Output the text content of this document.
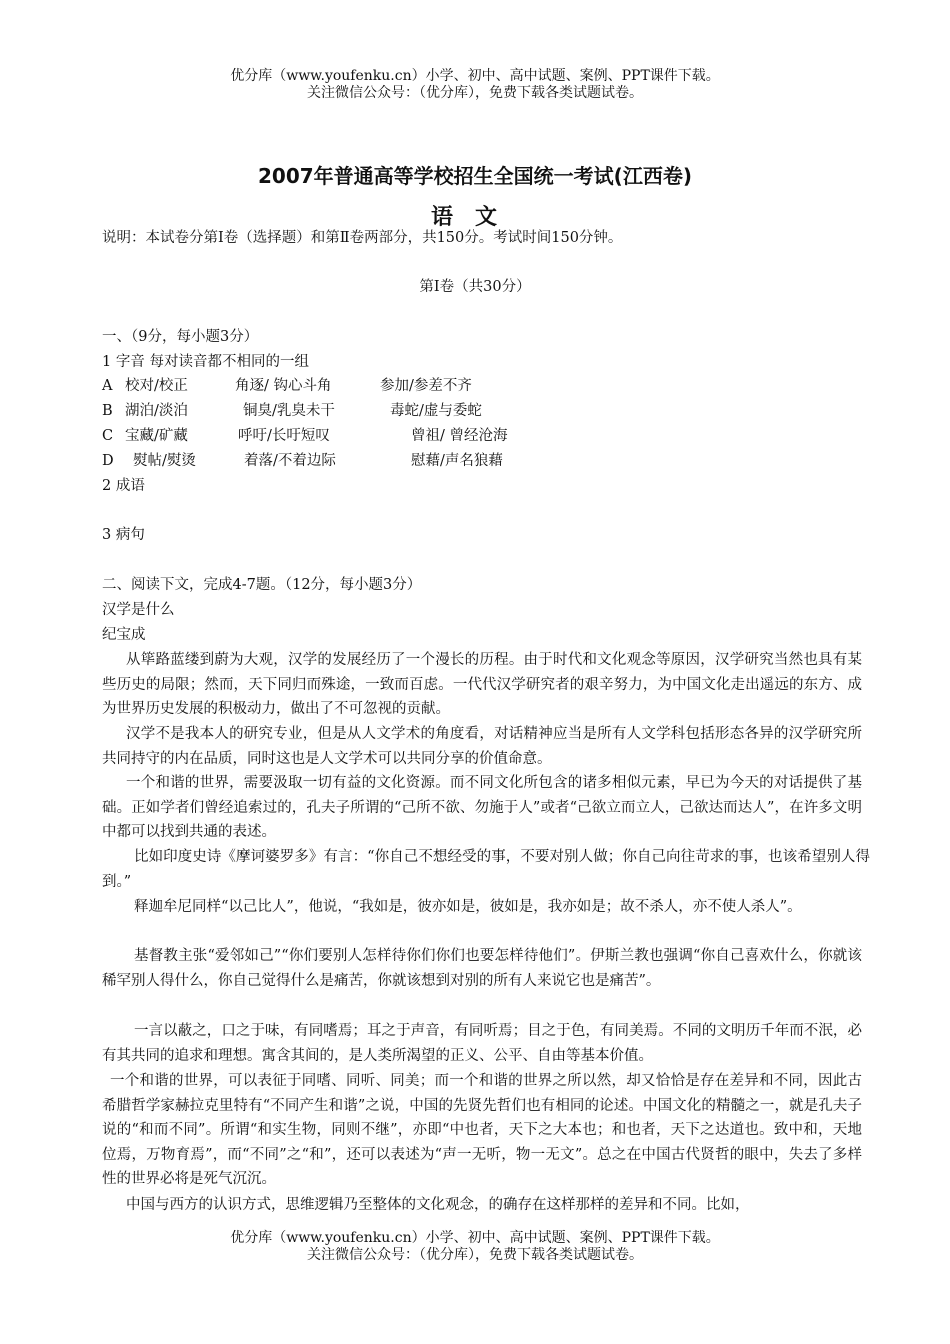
优分库（www.youfenku.cn）小学、初中、高中试题、案例、PPT课件下载。
关注微信公众号：（优分库），免费下载各类试题试卷。
2007年普通高等学校招生全国统一考试(江西卷)
语文
说明：本试卷分第Ⅰ卷（选择题）和第Ⅱ卷两部分，共150分。考试时间150分钟。
第Ⅰ卷（共30分）
一、（9分，每小题3分）
1 字音 每对读音都不相同的一组
A 校对/校正	角逐/ 钩心斗角	参加/参差不齐
B 湖泊/淡泊	铜臭/乳臭未干	毒蛇/虚与委蛇
C 宝藏/矿藏	呼吁/长吁短叹	曾祖/ 曾经沧海
D 熨帖/熨烫	着落/不着边际	慰藉/声名狼藉
2 成语
3 病句
二、阅读下文，完成4-7题。（12分，每小题3分）
汉学是什么
纪宝成
从筚路蓝缕到蔚为大观，汉学的发展经历了一个漫长的历程。由于时代和文化观念等原因，汉学研究当然也具有某些历史的局限；然而，天下同归而殊途，一致而百虑。一代代汉学研究者的艰辛努力，为中国文化走出遥远的东方、成为世界历史发展的积极动力，做出了不可忽视的贡献。
汉学不是我本人的研究专业，但是从人文学术的角度看，对话精神应当是所有人文学科包括形态各异的汉学研究所共同持守的内在品质，同时这也是人文学术可以共同分享的价值命意。
一个和谐的世界，需要汲取一切有益的文化资源。而不同文化所包含的诸多相似元素，早已为今天的对话提供了基础。正如学者们曾经追索过的，孔夫子所谓的“己所不欲、勿施于人”或者“己欲立而立人，己欲达而达人”，在许多文明中都可以找到共通的表述。
比如印度史诗《摩诃婆罗多》有言：“你自己不想经受的事，不要对别人做；你自己向往苛求的事，也该希望别人得到。”
释迦牟尼同样“以己比人”，他说，“我如是，彼亦如是，彼如是，我亦如是；故不杀人，亦不使人杀人”。
基督教主张“爱邻如己”“你们要别人怎样待你们你们也要怎样待他们”。伊斯兰教也强调“你自己喜欢什么，你就该稀罕别人得什么，你自己觉得什么是痛苦，你就该想到对别的所有人来说它也是痛苦”。
一言以蔽之，口之于味，有同嗜焉；耳之于声音，有同听焉；目之于色，有同美焉。不同的文明历千年而不泯，必有其共同的追求和理想。寓含其间的，是人类所渴望的正义、公平、自由等基本价值。
一个和谐的世界，可以表征于同嗜、同听、同美；而一个和谐的世界之所以然，却又恰恰是存在差异和不同，因此古希腊哲学家赫拉克里特有“不同产生和谐”之说，中国的先贤先哲们也有相同的论述。中国文化的精髓之一，就是孔夫子说的“和而不同”。所谓“和实生物，同则不继”，亦即“中也者，天下之大本也；和也者，天下之达道也。致中和，天地位焉，万物育焉”，而“不同”之“和”，还可以表述为“声一无听，物一无文”。总之在中国古代贤哲的眼中，失去了多样性的世界必将是死气沉沉。
中国与西方的认识方式，思维逻辑乃至整体的文化观念，的确存在这样那样的差异和不同。比如，
优分库（www.youfenku.cn）小学、初中、高中试题、案例、PPT课件下载。
关注微信公众号：（优分库），免费下载各类试题试卷。
